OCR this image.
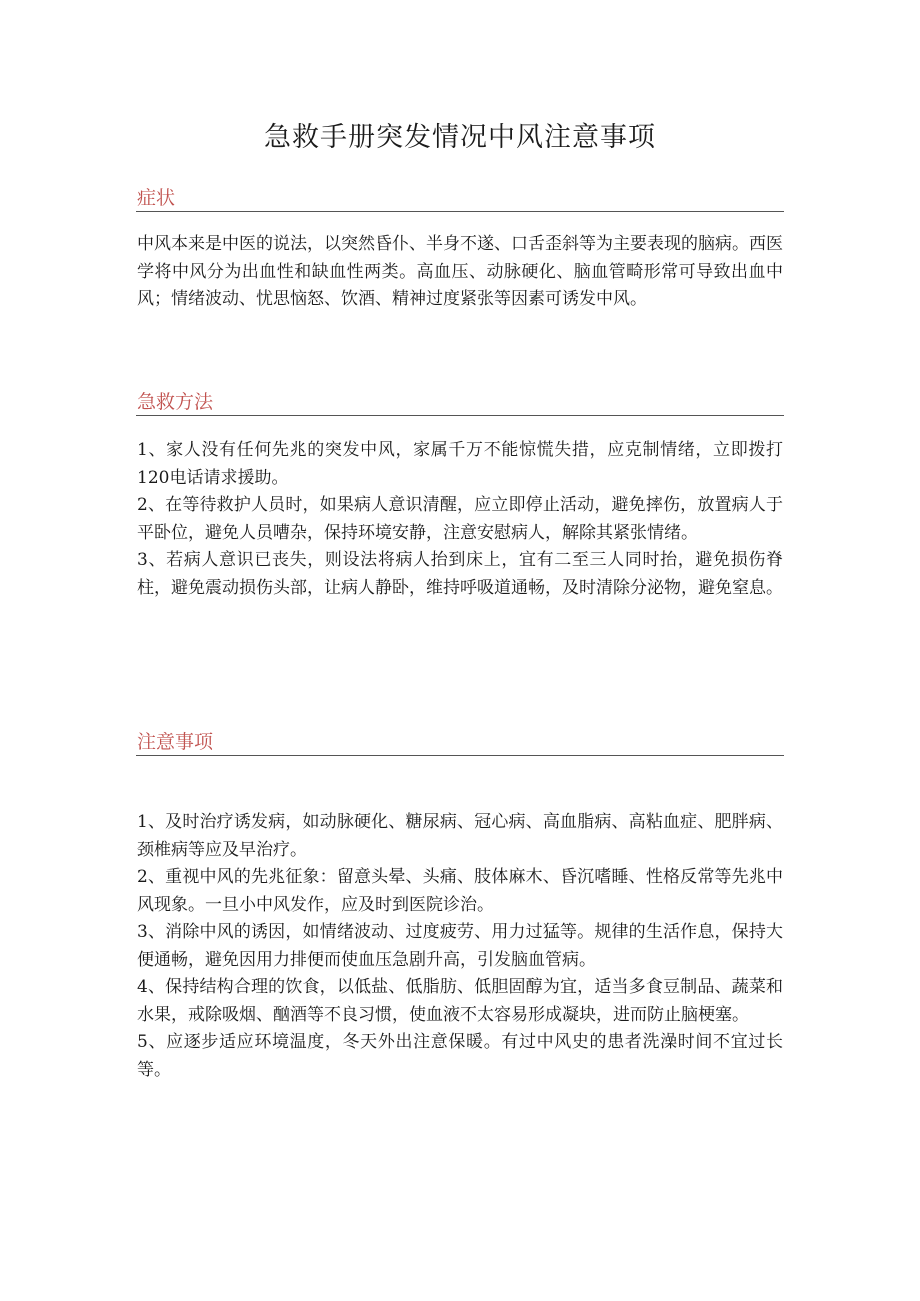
急救手册突发情况中风注意事项
症状

中风本来是中医的说法，以突然昏仆、半身不遂、口舌歪斜等为主要表现的脑病。西医学将中风分为出血性和缺血性两类。高血压、动脉硬化、脑血管畸形常可导致出血中风；情绪波动、忧思恼怒、饮酒、精神过度紧张等因素可诱发中风。

急救方法

1、家人没有任何先兆的突发中风，家属千万不能惊慌失措，应克制情绪，立即拨打120电话请求援助。

2、在等待救护人员时，如果病人意识清醒，应立即停止活动，避免摔伤，放置病人于平卧位，避免人员嘈杂，保持环境安静，注意安慰病人，解除其紧张情绪。

3、若病人意识已丧失，则设法将病人抬到床上，宜有二至三人同时抬，避免损伤脊柱，避免震动损伤头部，让病人静卧，维持呼吸道通畅，及时清除分泌物，避免窒息。

注意事项

1、及时治疗诱发病，如动脉硬化、糖尿病、冠心病、高血脂病、高粘血症、肥胖病、颈椎病等应及早治疗。

2、重视中风的先兆征象：留意头晕、头痛、肢体麻木、昏沉嗜睡、性格反常等先兆中风现象。一旦小中风发作，应及时到医院诊治。

3、消除中风的诱因，如情绪波动、过度疲劳、用力过猛等。规律的生活作息，保持大便通畅，避免因用力排便而使血压急剧升高，引发脑血管病。

4、保持结构合理的饮食，以低盐、低脂肪、低胆固醇为宜，适当多食豆制品、蔬菜和水果，戒除吸烟、酗酒等不良习惯，使血液不太容易形成凝块，进而防止脑梗塞。

5、应逐步适应环境温度，冬天外出注意保暖。有过中风史的患者洗澡时间不宜过长等。
